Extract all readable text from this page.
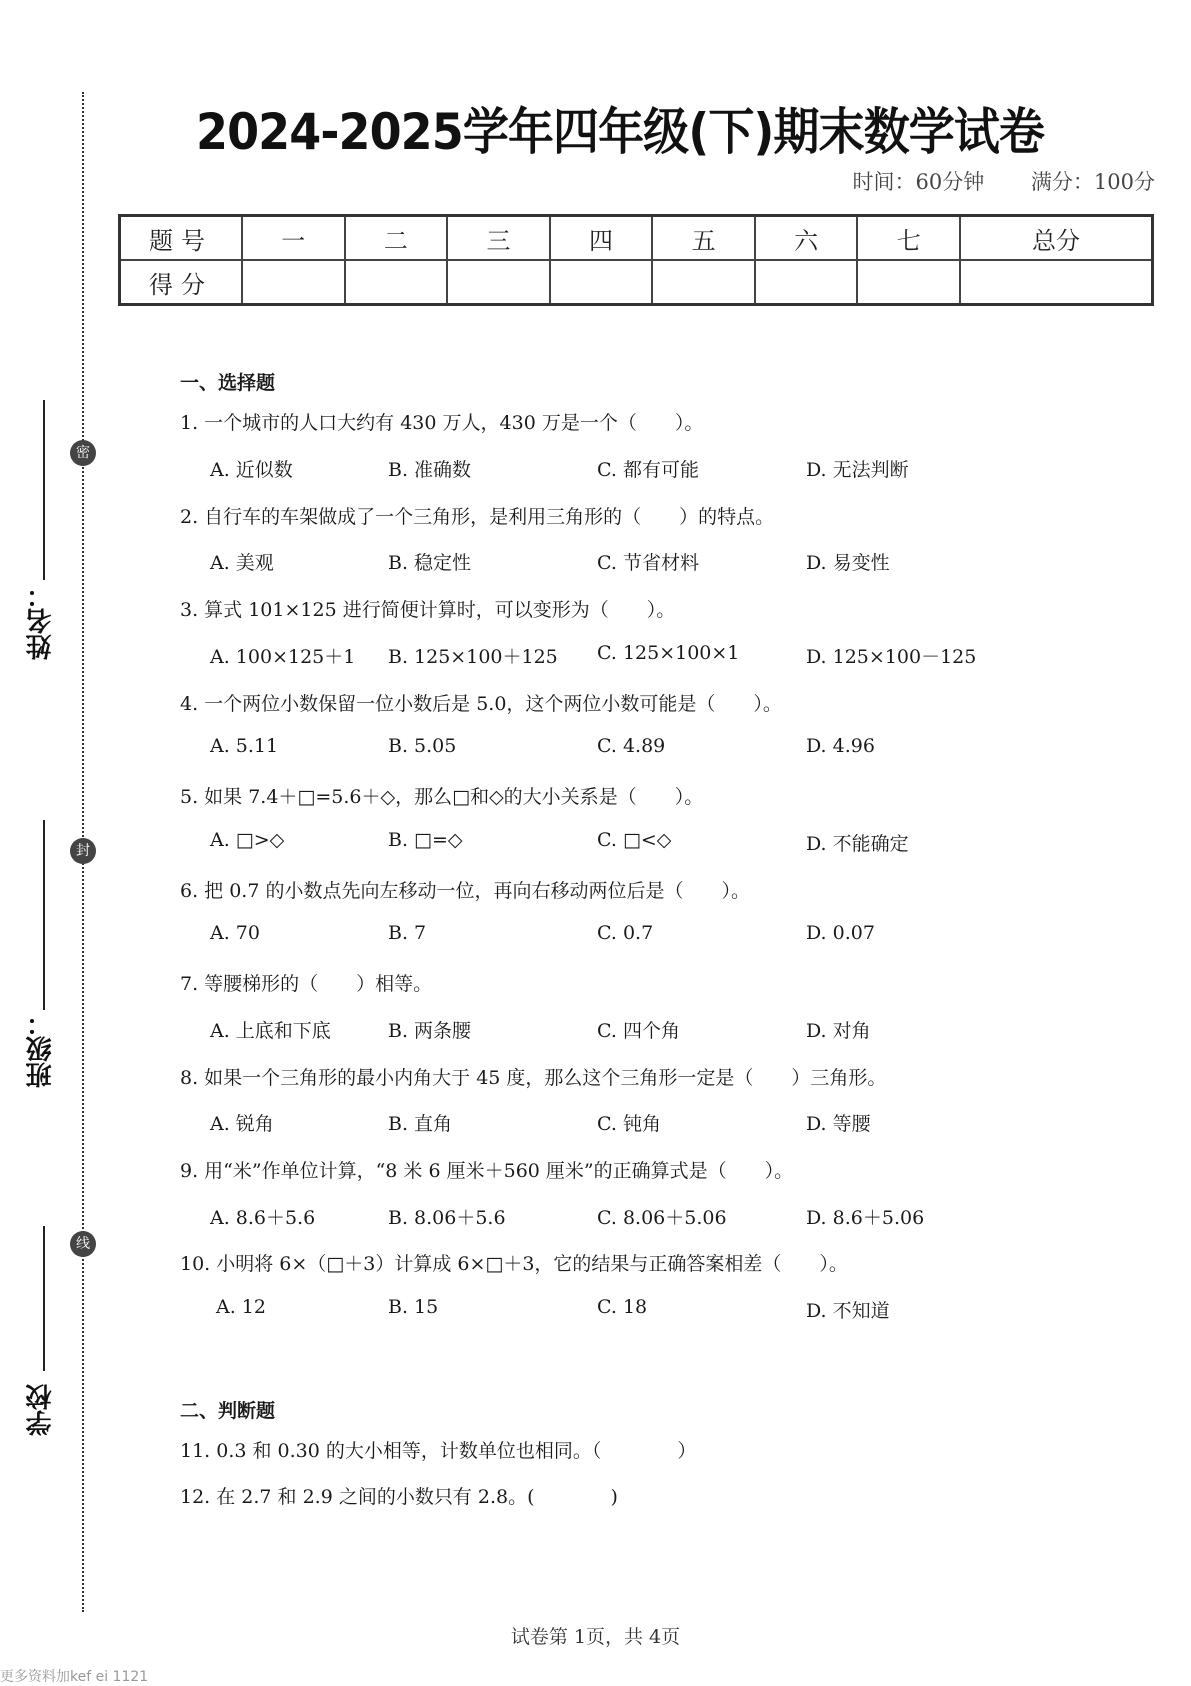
密
封
线
姓名：
班级：
学校
2024-2025学年四年级(下)期末数学试卷
时间：60分钟 满分：100分
题号	一	二	三	四	五	六	七	总分
得分								
一、选择题
1. 一个城市的人口大约有 430 万人，430 万是一个（　　）。
A. 近似数	B. 准确数	C. 都有可能	D. 无法判断
2. 自行车的车架做成了一个三角形，是利用三角形的（　　）的特点。
A. 美观	B. 稳定性	C. 节省材料	D. 易变性
3. 算式 101×125 进行简便计算时，可以变形为（　　）。
A. 100×125＋1 B. 125×100＋125 C. 125×100×1	D. 125×100－125
4. 一个两位小数保留一位小数后是 5.0，这个两位小数可能是（　　）。
A. 5.11	B. 5.05	C. 4.89	D. 4.96
5. 如果 7.4＋□=5.6＋◇，那么□和◇的大小关系是（　　）。
A. □>◇	B. □=◇	C. □<◇	D. 不能确定
6. 把 0.7 的小数点先向左移动一位，再向右移动两位后是（　　）。
A. 70	B. 7	C. 0.7	D. 0.07
7. 等腰梯形的（　　）相等。
A. 上底和下底	B. 两条腰	C. 四个角	D. 对角
8. 如果一个三角形的最小内角大于 45 度，那么这个三角形一定是（　　）三角形。
A. 锐角	B. 直角	C. 钝角	D. 等腰
9. 用“米”作单位计算，“8 米 6 厘米＋560 厘米”的正确算式是（　　）。
A. 8.6＋5.6	B. 8.06＋5.6	C. 8.06＋5.06	D. 8.6＋5.06
10. 小明将 6×（□＋3）计算成 6×□＋3，它的结果与正确答案相差（　　）。
A. 12	B. 15	C. 18	D. 不知道
二、判断题
11. 0.3 和 0.30 的大小相等，计数单位也相同。（　　　　）
12. 在 2.7 和 2.9 之间的小数只有 2.8。(　　　　)
试卷第 1页，共 4页
更多资料加kef ei 1121
